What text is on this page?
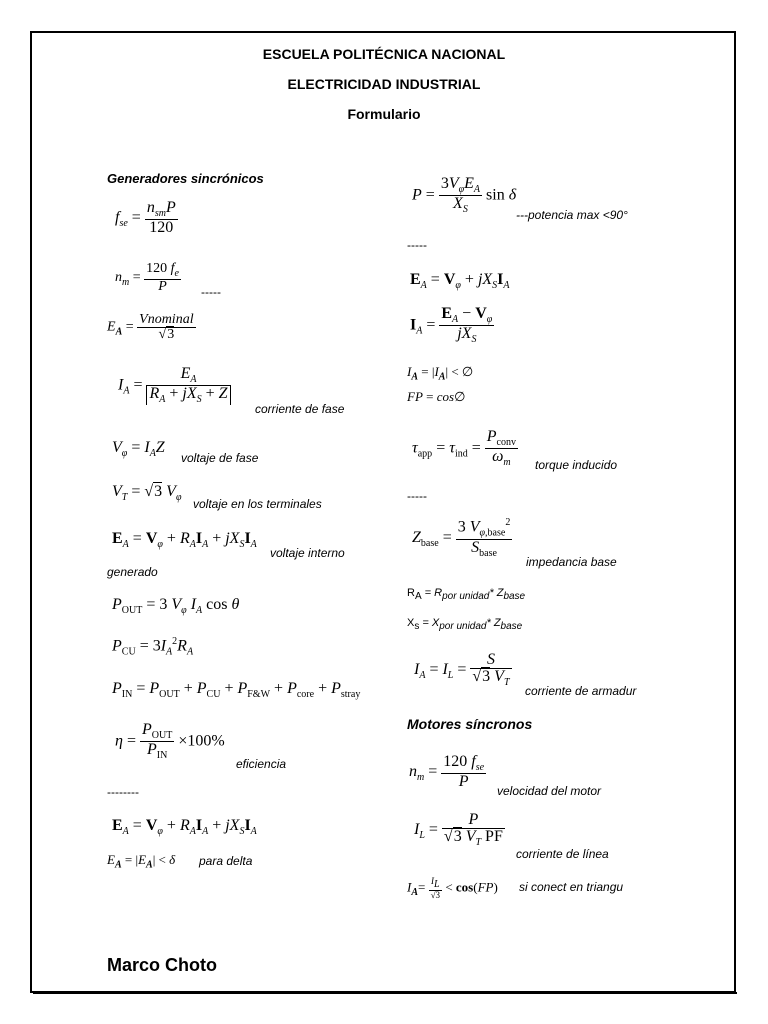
ESCUELA POLITÉCNICA NACIONAL
ELECTRICIDAD INDUSTRIAL
Formulario
Generadores sincrónicos
$f_{se}$ =
$n_{sm}P$
120
$n_m = \frac{120 f_e}{P}$ -----
$E_A$ =
Vnominal
√3
$I_A$ =
$E_A$
$R_A + jX_S + Z$
corriente de fase
$V_\varphi = I_AZ$
voltaje de fase
$V_T = √3$ $V_\varphi$ voltaje en los terminales
$E_A = V_\varphi + R_AI_A + jX_SI_A$
voltaje interno
generado
$P_{OUT} = 3$ $V_\varphi$ $I_A$ cos θ
$P_{CU} = 3I_A^2R_A$
$P_{IN} = P_{OUT} + P_{CU} + P_{F\&W} + P_{core} + P_{stray}$
η =
$P_{OUT}$
$P_{IN}$
×100%
eficiencia
--------
$E_A = V_\varphi + R_AI_A + jX_SI_A$
$E_A = |E_A| < \delta$ para delta
P =
$3V_\varphi E_A$
$X_S$
sin δ
---potencia max <90°
-----
$E_A = V_\varphi + jX_SI_A$
$I_A$ =
$E_A - V_\varphi$
$jX_S$
$I_A = |I_A|$ < ∅
FP = cos∅
$\tau_{app} = \tau_{ind}$ =
$P_{conv}$
$\omega_m$	torque inducido
-----
$Z_{base}$ =
3 $V_{\varphi,base}^2$
$S_{base}$
impedancia base
$R_A = R_{por unidad}*$ $Z_{base}$
$X_s = X_{por unidad}*$ $Z_{base}$
$I_A = I_L = \frac{S}{√3 V_T}$
corriente de armadur
Motores síncronos
$n_m$ =
120 $f_{se}$
P
velocidad del motor
$I_L = \frac{P}{√3 V_T PF}$
corriente de línea
$I_A= \frac{I_L}{√3} < \cos(FP)$ si conect en triangu
Marco Choto
